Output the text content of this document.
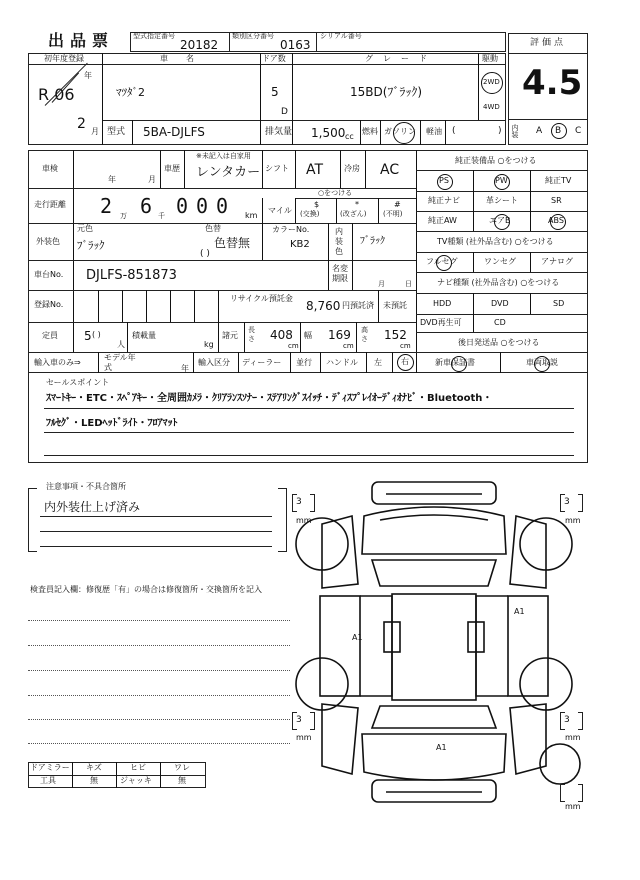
出品票	型式指定番号
20182
類別区分番号
0163
シリアル番号
評価点
4.5
内装 A B C
初年度登録
年
R 06
2 月
車名
ﾏﾂﾀﾞ2
ドア数
5
D
グレード
15BD(ﾌﾞﾗｯｸ)
駆動
2WD
4WD
型式 5BA-DJLFS	排気量 1,500 cc
燃料 ガソリン 軽油 (	)
車検
年	月
車歴
※未記入は自家用
レンタカー シフト AT	冷房 AC
走行距離 2 万 6 千 0 0 0 km
○をつける
マイル
$
(交換)
*
(改ざん)
#
(不明)
外装色
元色
ﾌﾞﾗｯｸ
色替
色替無
( )
カラーNo.
KB2
内装色
ﾌﾞﾗｯｸ
車台No. DJLFS-851873	名変期限
月	日
登録No.
リサイクル預託金
8,760 円預託済 未預託
定員 5 ( )
人
積載量
kg
諸元
長さ 408
cm
幅 169
cm
高さ 152
cm
輸入車のみ⇒
モデル年式	年
輸入区分 ディーラー 並行 ハンドル 左 右
純正装備品 ○をつける
PS	PW	純正TV
純正ナビ	革シート	SR
純正AW	エアB	ABS
TV種類 (社外品含む) ○をつける
フルセグ	ワンセグ	アナログ
ナビ種類 (社外品含む) ○をつける
HDD	DVD	SD
DVD再生可	CD
後日発送品 ○をつける
新車保証書	車両取説
セールスポイント
ｽﾏｰﾄｷｰ・ETC・ｽﾍﾟｱｷｰ・全周囲ｶﾒﾗ・ｸﾘｱﾗﾝｽｿﾅｰ・ｽﾃｱﾘﾝｸﾞｽｲｯﾁ・ﾃﾞｨｽﾌﾟﾚｲｵｰﾃﾞｨｵﾅﾋﾞ・Bluetooth・
ﾌﾙｾｸﾞ・LEDﾍｯﾄﾞﾗｲﾄ・ﾌﾛｱﾏｯﾄ
注意事項・不具合箇所
内外装仕上げ済み
検査員記入欄：修復歴「有」の場合は修復箇所・交換箇所を記入
ドアミラー キズ	ヒビ	ワレ
工具	無	ジャッキ	無
3
mm
3
mm
3
mm
3
mm
mm
A1
A1
A1
